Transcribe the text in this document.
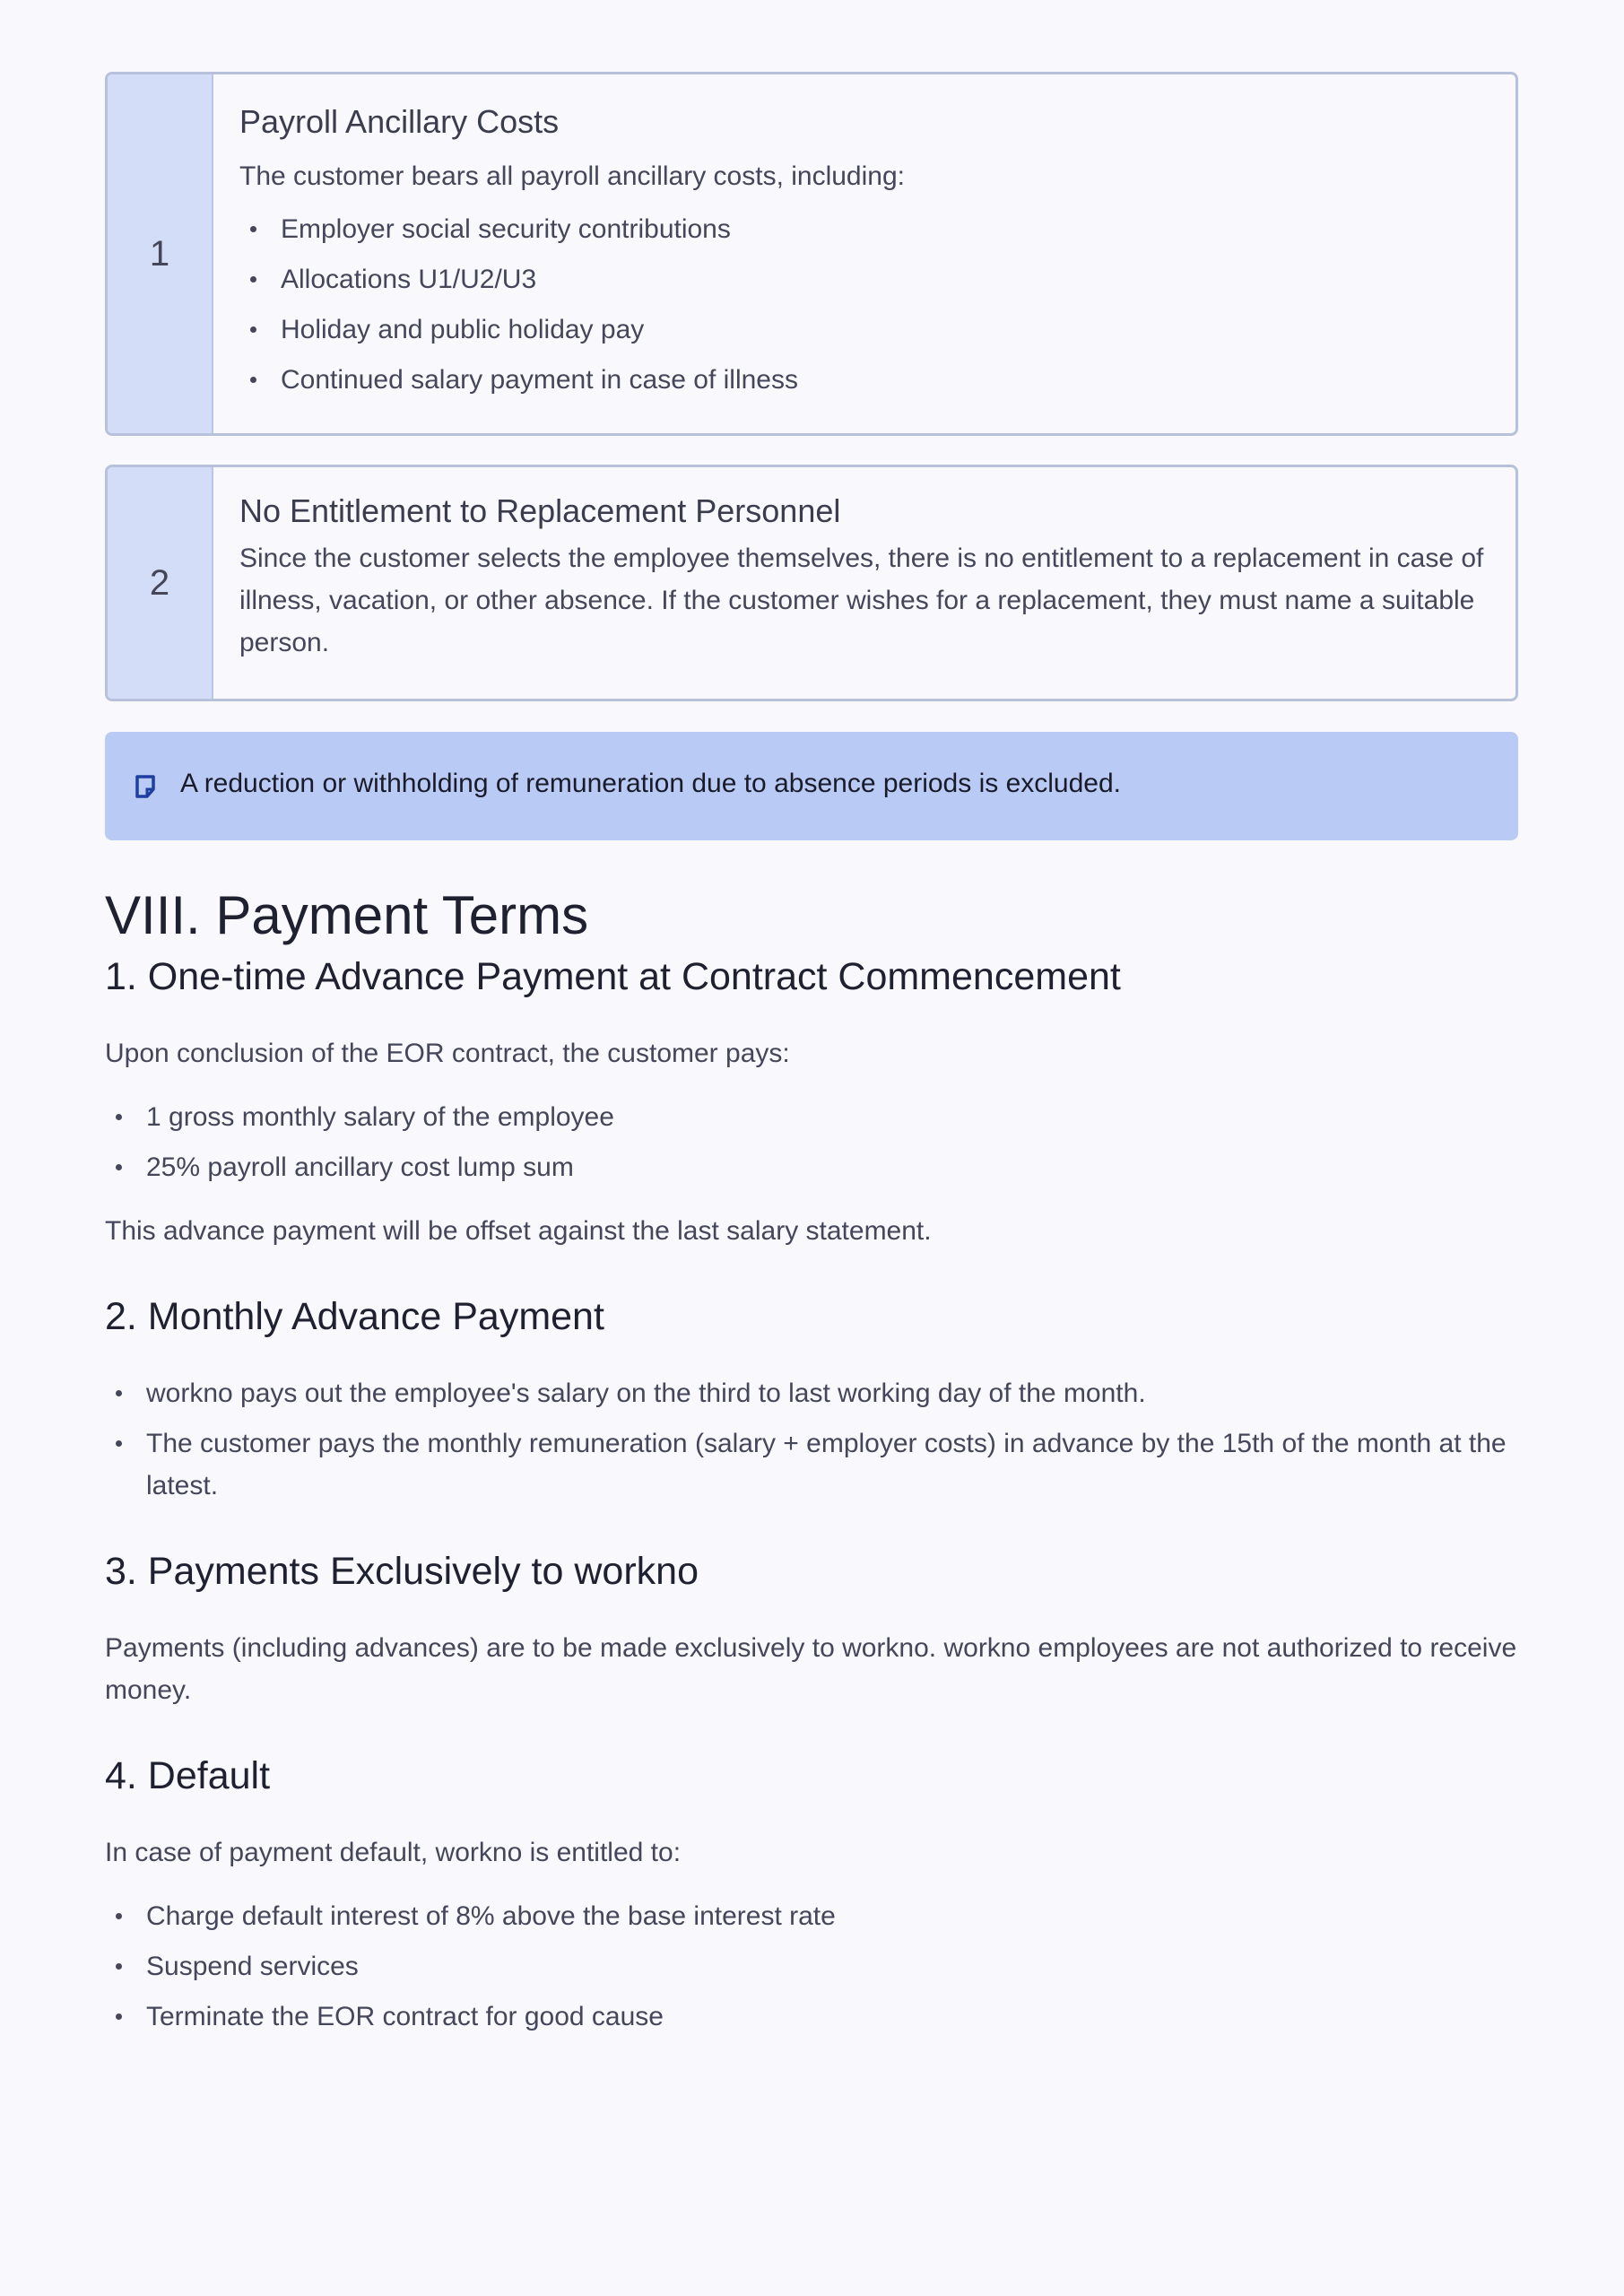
1
Payroll Ancillary Costs

The customer bears all payroll ancillary costs, including:

Employer social security contributions
Allocations U1/U2/U3
Holiday and public holiday pay
Continued salary payment in case of illness
2
No Entitlement to Replacement Personnel

Since the customer selects the employee themselves, there is no entitlement to a replacement in case of illness, vacation, or other absence. If the customer wishes for a replacement, they must name a suitable person.

A reduction or withholding of remuneration due to absence periods is excluded.
VIII. Payment Terms
1. One-time Advance Payment at Contract Commencement

Upon conclusion of the EOR contract, the customer pays:

1 gross monthly salary of the employee
25% payroll ancillary cost lump sum

This advance payment will be offset against the last salary statement.

2. Monthly Advance Payment
workno pays out the employee's salary on the third to last working day of the month.
The customer pays the monthly remuneration (salary + employer costs) in advance by the 15th of the month at the latest.
3. Payments Exclusively to workno

Payments (including advances) are to be made exclusively to workno. workno employees are not authorized to receive money.

4. Default

In case of payment default, workno is entitled to:

Charge default interest of 8% above the base interest rate
Suspend services
Terminate the EOR contract for good cause
